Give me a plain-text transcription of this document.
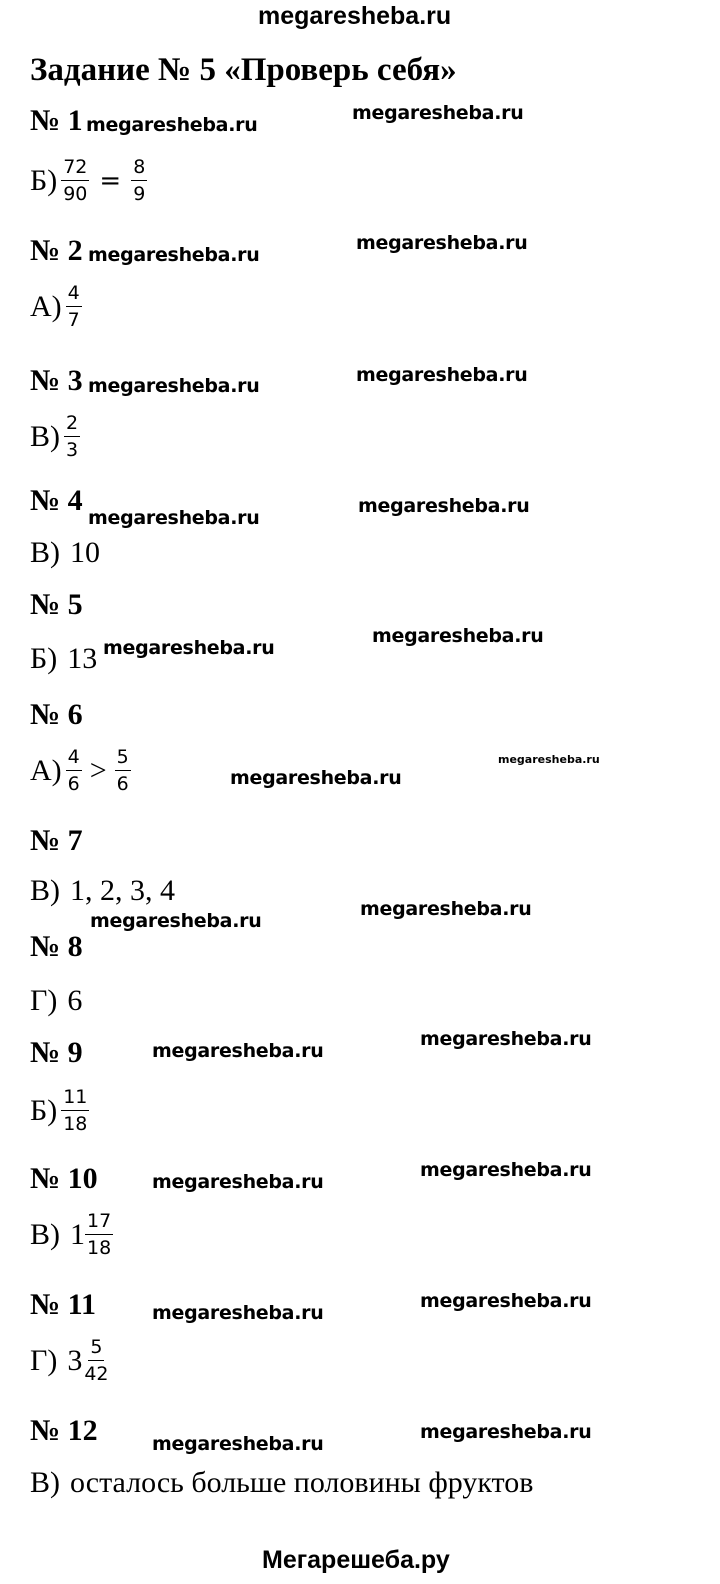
megaresheba.ru
Задание № 5 «Проверь себя»
№ 1 megaresheba.ru
megaresheba.ru
$Б) \frac{72}{90} = \frac{8}{9}$
№ 2 megaresheba.ru
megaresheba.ru
$А) \frac{4}{7}$
№ 3 megaresheba.ru	megaresheba.ru
$В) \frac{2}{3}$
№ 4
megaresheba.ru
megaresheba.ru
В) 10
№ 5
megaresheba.ru
Б) 13 megaresheba.ru
№ 6
megaresheba.ru
$А) \frac{4}{6} > \frac{5}{6}$	megaresheba.ru
№ 7
В) 1, 2, 3, 4
megaresheba.ru
megaresheba.ru
№ 8
Г) 6
№ 9	megaresheba.ru
megaresheba.ru
$Б) \frac{11}{18}$
№ 10	megaresheba.ru
megaresheba.ru
В) $1 \frac{17}{18}$
№ 11	megaresheba.ru
megaresheba.ru
Г) $3 \frac{5}{42}$
№ 12	megaresheba.ru
megaresheba.ru
В) осталось больше половины фруктов
Мегарешеба.ру
